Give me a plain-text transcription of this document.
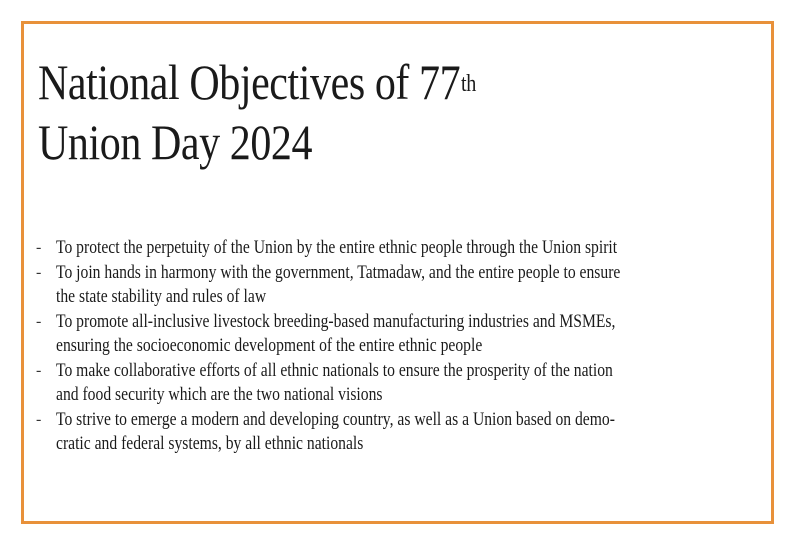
National Objectives of 77th
Union Day 2024
- To protect the perpetuity of the Union by the entire ethnic people through the Union spirit
- To join hands in harmony with the government, Tatmadaw, and the entire people to ensure
the state stability and rules of law
- To promote all-inclusive livestock breeding-based manufacturing industries and MSMEs,
ensuring the socioeconomic development of the entire ethnic people
- To make collaborative efforts of all ethnic nationals to ensure the prosperity of the nation
and food security which are the two national visions
- To strive to emerge a modern and developing country, as well as a Union based on demo-
cratic and federal systems, by all ethnic nationals
